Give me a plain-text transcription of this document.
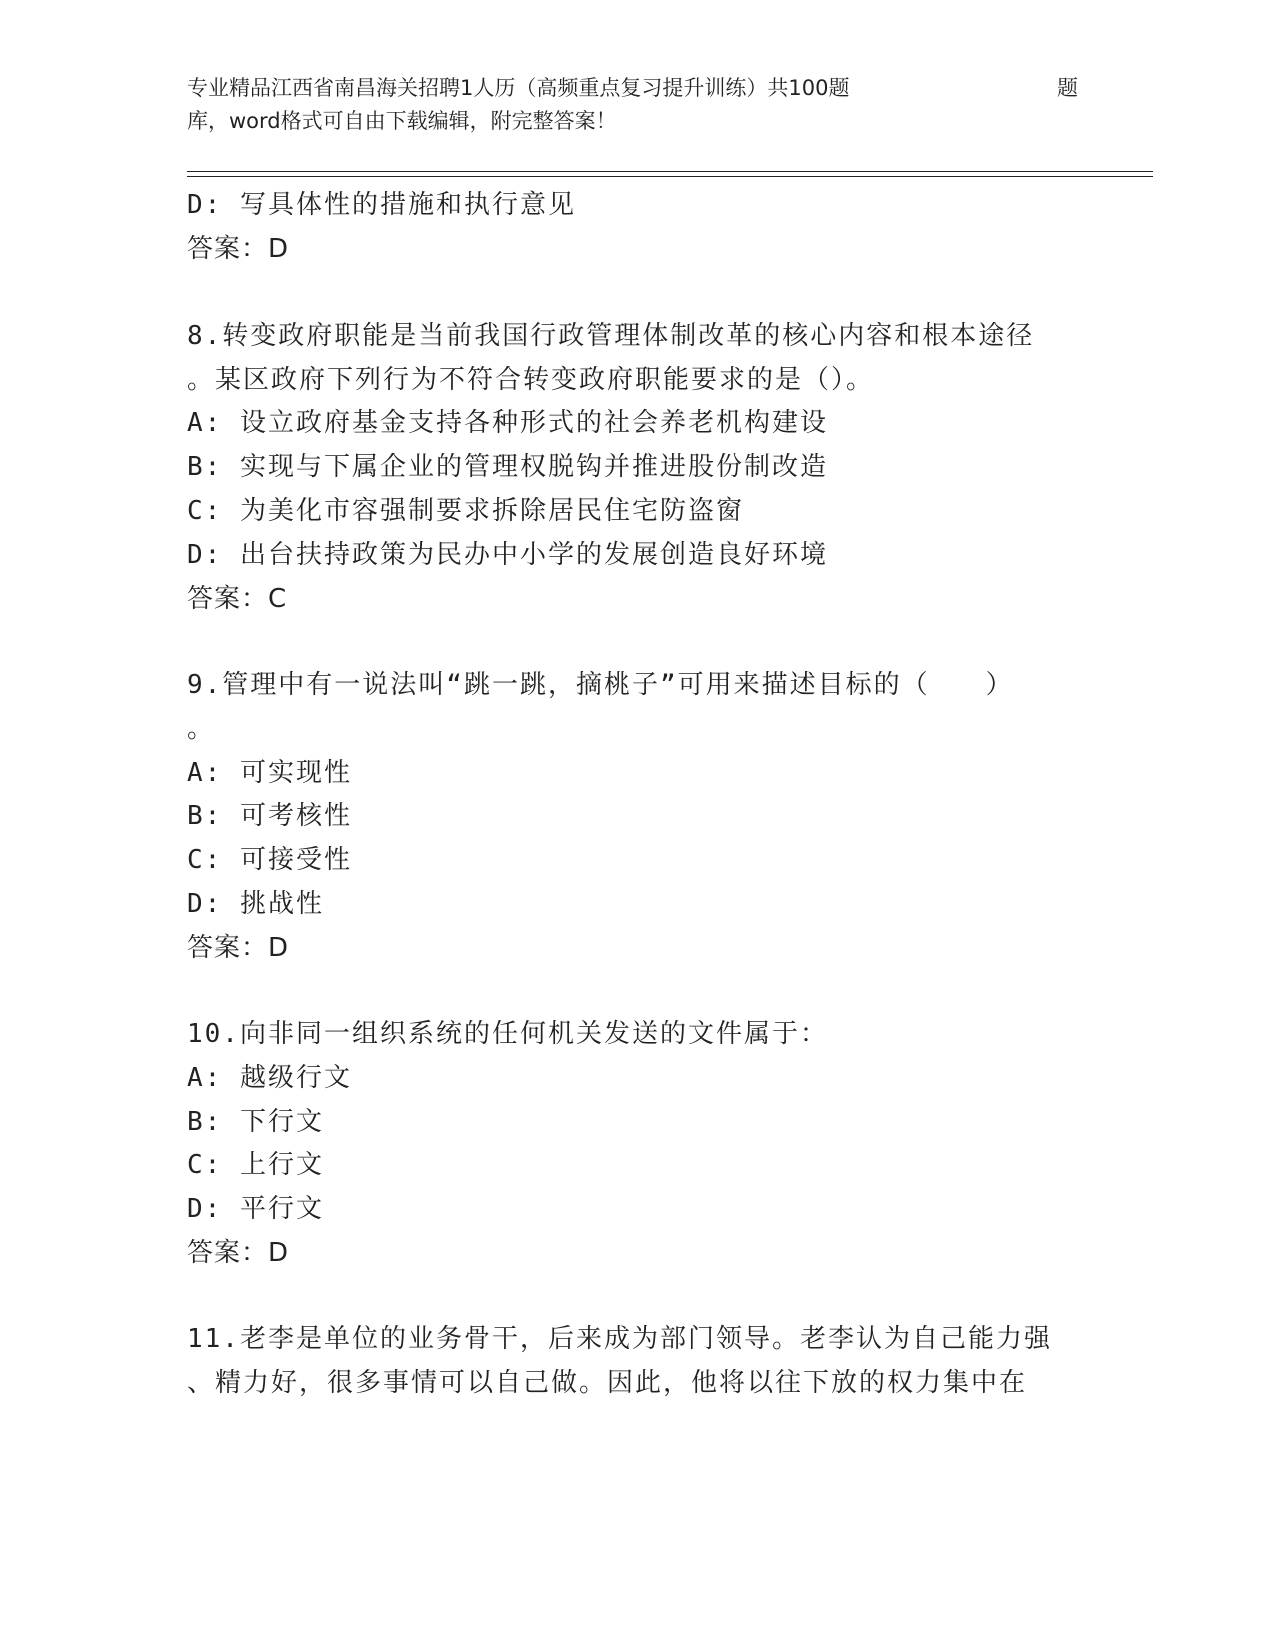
专业精品江西省南昌海关招聘1人历（高频重点复习提升训练）共100题	题
库，word格式可自由下载编辑，附完整答案！
D: 写具体性的措施和执行意见
答案：D
8.转变政府职能是当前我国行政管理体制改革的核心内容和根本途径
。某区政府下列行为不符合转变政府职能要求的是（）。
A: 设立政府基金支持各种形式的社会养老机构建设
B: 实现与下属企业的管理权脱钩并推进股份制改造
C: 为美化市容强制要求拆除居民住宅防盗窗
D: 出台扶持政策为民办中小学的发展创造良好环境
答案：C
9.管理中有一说法叫“跳一跳，摘桃子”可用来描述目标的（　　）
。
A: 可实现性
B: 可考核性
C: 可接受性
D: 挑战性
答案：D
10.向非同一组织系统的任何机关发送的文件属于：
A: 越级行文
B: 下行文
C: 上行文
D: 平行文
答案：D
11.老李是单位的业务骨干，后来成为部门领导。老李认为自己能力强
、精力好，很多事情可以自己做。因此，他将以往下放的权力集中在
